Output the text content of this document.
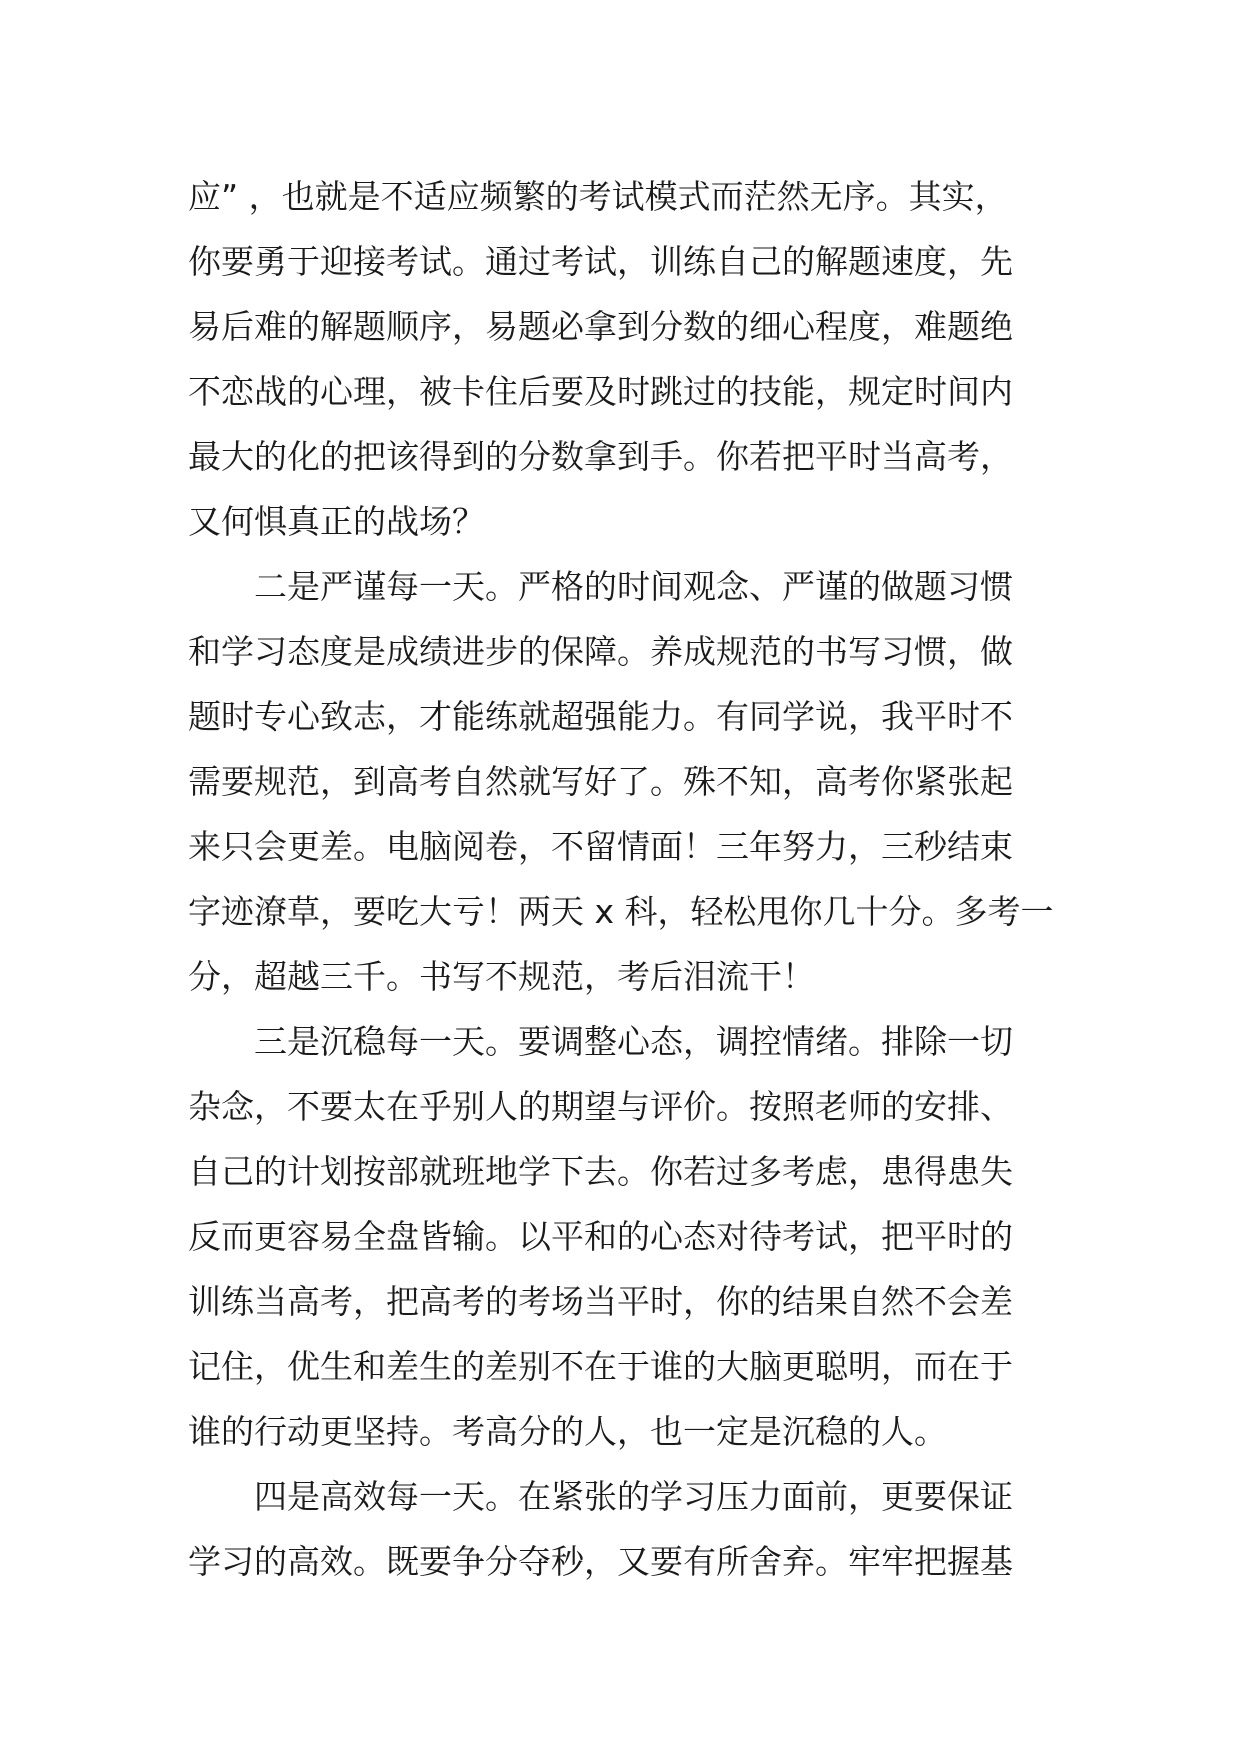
应” ，也就是不适应频繁的考试模式而茫然无序。其实，
你要勇于迎接考试。通过考试，训练自己的解题速度，先
易后难的解题顺序，易题必拿到分数的细心程度，难题绝
不恋战的心理，被卡住后要及时跳过的技能，规定时间内
最大的化的把该得到的分数拿到手。你若把平时当高考，
又何惧真正的战场？
二是严谨每一天。严格的时间观念、严谨的做题习惯
和学习态度是成绩进步的保障。养成规范的书写习惯，做
题时专心致志，才能练就超强能力。有同学说，我平时不
需要规范，到高考自然就写好了。殊不知，高考你紧张起
来只会更差。电脑阅卷，不留情面！三年努力，三秒结束
字迹潦草，要吃大亏！两天 x 科，轻松甩你几十分。多考一
分，超越三千。书写不规范，考后泪流干！
三是沉稳每一天。要调整心态，调控情绪。排除一切
杂念，不要太在乎别人的期望与评价。按照老师的安排、
自己的计划按部就班地学下去。你若过多考虑，患得患失
反而更容易全盘皆输。以平和的心态对待考试，把平时的
训练当高考，把高考的考场当平时，你的结果自然不会差
记住，优生和差生的差别不在于谁的大脑更聪明，而在于
谁的行动更坚持。考高分的人，也一定是沉稳的人。
四是高效每一天。在紧张的学习压力面前，更要保证
学习的高效。既要争分夺秒，又要有所舍弃。牢牢把握基
